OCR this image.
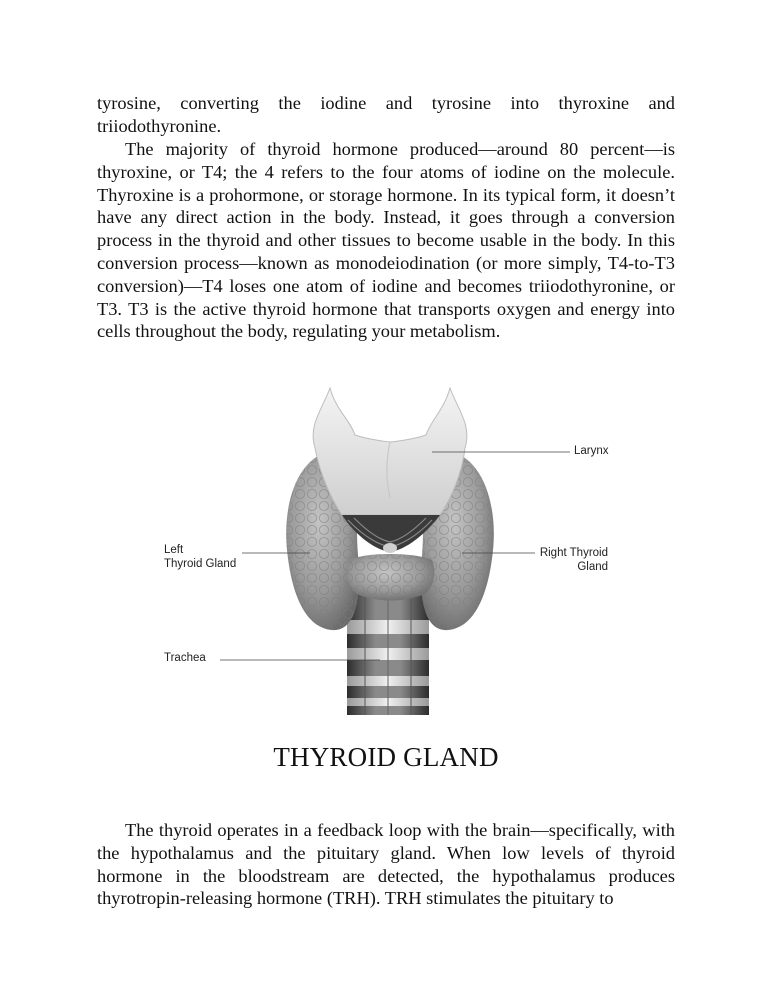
tyrosine, converting the iodine and tyrosine into thyroxine and triiodothyronine.

The majority of thyroid hormone produced—around 80 percent—is thyroxine, or T4; the 4 refers to the four atoms of iodine on the molecule. Thyroxine is a prohormone, or storage hormone. In its typical form, it doesn’t have any direct action in the body. Instead, it goes through a conversion process in the thyroid and other tissues to become usable in the body. In this conversion process—known as monodeiodination (or more simply, T4-to-T3 conversion)—T4 loses one atom of iodine and becomes triiodothyronine, or T3. T3 is the active thyroid hormone that transports oxygen and energy into cells throughout the body, regulating your metabolism.

Larynx

Left

Thyroid Gland

Right Thyroid

Gland

Trachea

THYROID GLAND

The thyroid operates in a feedback loop with the brain—specifically, with the hypothalamus and the pituitary gland. When low levels of thyroid hormone in the bloodstream are detected, the hypothalamus produces thyrotropin-releasing hormone (TRH). TRH stimulates the pituitary to
